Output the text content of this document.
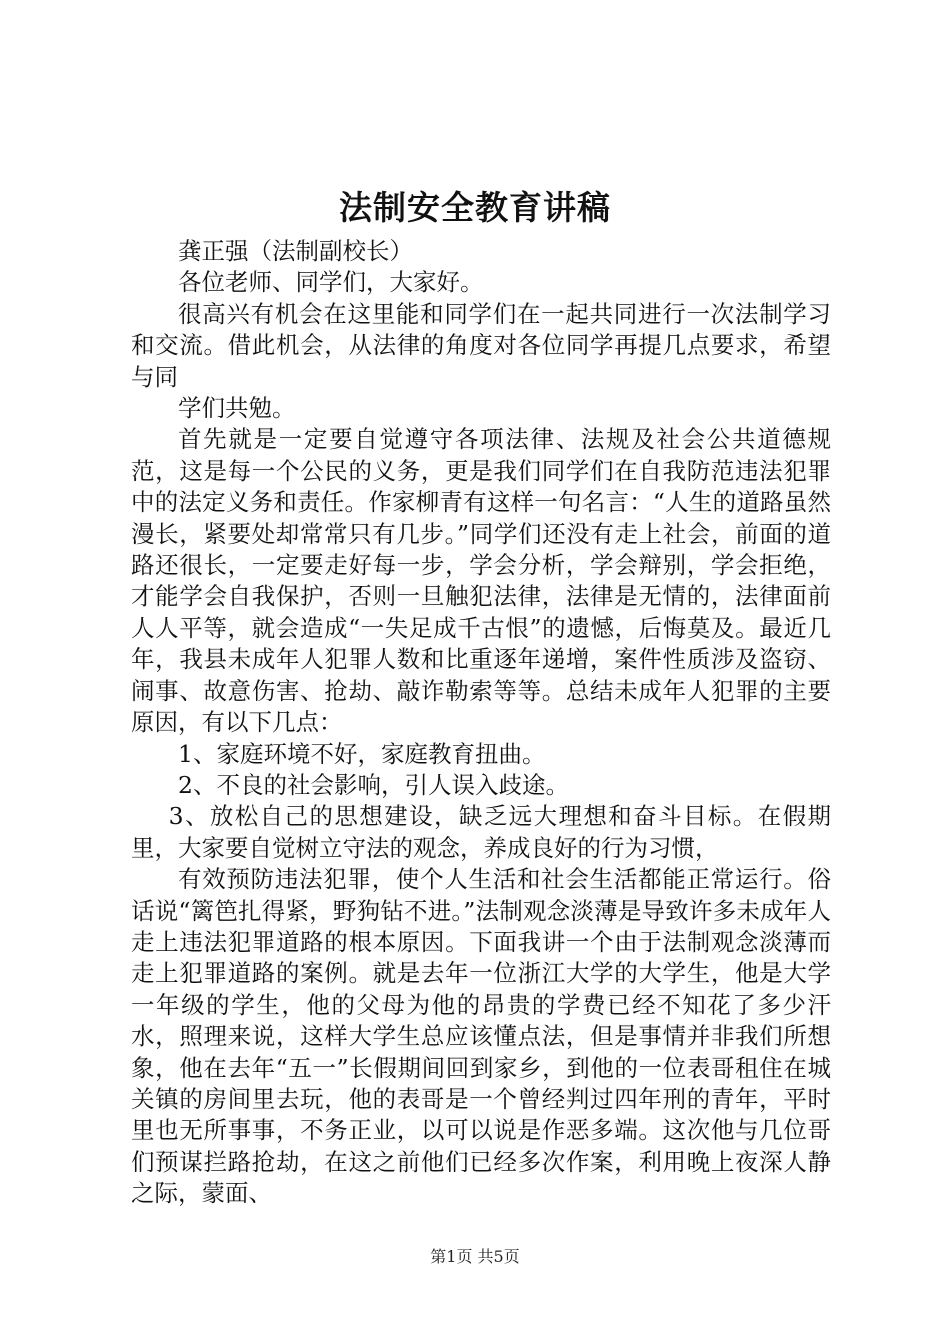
法制安全教育讲稿

龚正强（法制副校长）

各位老师、同学们，大家好。

很高兴有机会在这里能和同学们在一起共同进行一次法制学习和交流。借此机会，从法律的角度对各位同学再提几点要求，希望与同

学们共勉。

首先就是一定要自觉遵守各项法律、法规及社会公共道德规范，这是每一个公民的义务，更是我们同学们在自我防范违法犯罪中的法定义务和责任。作家柳青有这样一句名言：“人生的道路虽然漫长，紧要处却常常只有几步。”同学们还没有走上社会，前面的道路还很长，一定要走好每一步，学会分析，学会辩别，学会拒绝，才能学会自我保护，否则一旦触犯法律，法律是无情的，法律面前人人平等，就会造成“一失足成千古恨”的遗憾，后悔莫及。最近几年，我县未成年人犯罪人数和比重逐年递增，案件性质涉及盗窃、闹事、故意伤害、抢劫、敲诈勒索等等。总结未成年人犯罪的主要原因，有以下几点：

1、家庭环境不好，家庭教育扭曲。

2、不良的社会影响，引人误入歧途。

3、放松自己的思想建设，缺乏远大理想和奋斗目标。在假期里，大家要自觉树立守法的观念，养成良好的行为习惯，

有效预防违法犯罪，使个人生活和社会生活都能正常运行。俗话说“篱笆扎得紧，野狗钻不进。”法制观念淡薄是导致许多未成年人走上违法犯罪道路的根本原因。下面我讲一个由于法制观念淡薄而走上犯罪道路的案例。就是去年一位浙江大学的大学生，他是大学一年级的学生，他的父母为他的昂贵的学费已经不知花了多少汗水，照理来说，这样大学生总应该懂点法，但是事情并非我们所想象，他在去年“五一”长假期间回到家乡，到他的一位表哥租住在城关镇的房间里去玩，他的表哥是一个曾经判过四年刑的青年，平时里也无所事事，不务正业，以可以说是作恶多端。这次他与几位哥们预谋拦路抢劫，在这之前他们已经多次作案，利用晚上夜深人静之际，蒙面、

第1页 共5页
